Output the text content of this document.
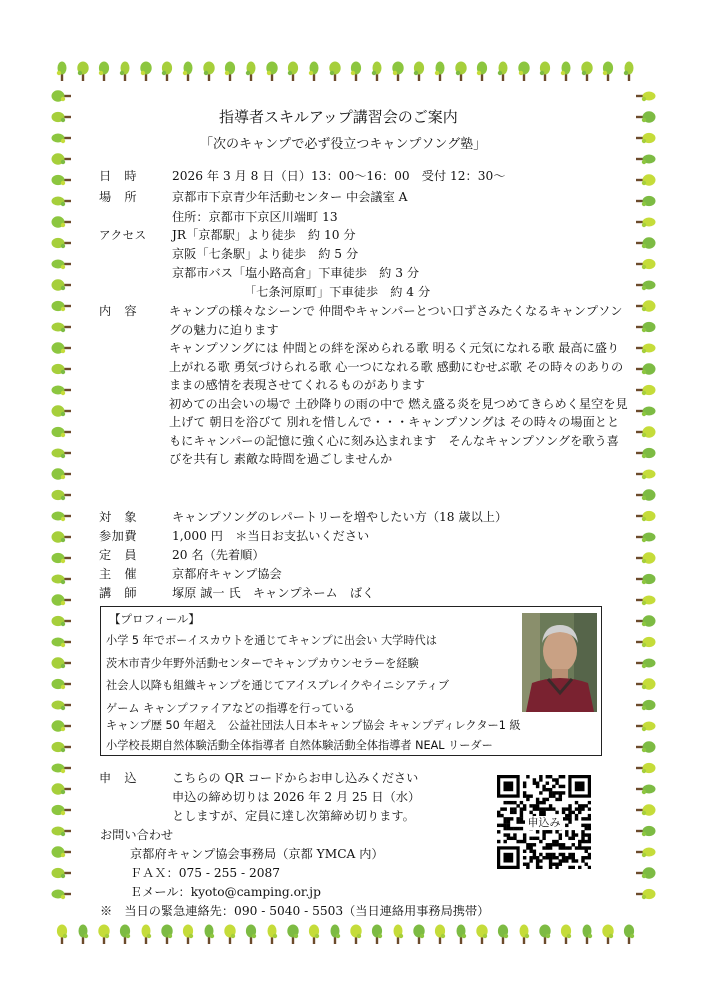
指導者スキルアップ講習会のご案内
「次のキャンプで必ず役立つキャンプソング塾」
日　時	2026 年 3 月 8 日（日）13：00〜16：00　受付 12：30〜
場　所	京都市下京青少年活動センター 中会議室 A
住所：京都市下京区川端町 13
アクセス JR「京都駅」より徒歩　約 10 分
京阪「七条駅」より徒歩　約 5 分
京都市バス「塩小路高倉」下車徒歩　約 3 分
「七条河原町」下車徒歩　約 4 分
内　容	キャンプの様々なシーンで 仲間やキャンパーとつい口ずさみたくなるキャンプソングの魅力に迫ります

キャンプソングには 仲間との絆を深められる歌 明るく元気になれる歌 最高に盛り上がれる歌 勇気づけられる歌 心一つになれる歌 感動にむせぶ歌 その時々のありのままの感情を表現させてくれるものがあります

初めての出会いの場で 土砂降りの雨の中で 燃え盛る炎を見つめてきらめく星空を見上げて 朝日を浴びて 別れを惜しんで・・・キャンプソングは その時々の場面とともにキャンパーの記憶に強く心に刻み込まれます　そんなキャンプソングを歌う喜びを共有し 素敵な時間を過ごしませんか

対　象	キャンプソングのレパートリーを増やしたい方（18 歳以上）
参加費	1,000 円　＊当日お支払いください
定　員	20 名（先着順）
主　催	京都府キャンプ協会
講　師	塚原 誠一 氏　キャンプネーム　ばく
【プロフィール】
小学 5 年でボーイスカウトを通じてキャンプに出会い 大学時代は
茨木市青少年野外活動センターでキャンプカウンセラーを経験
社会人以降も組織キャンプを通じてアイスブレイクやイニシアティブ
ゲーム キャンプファイアなどの指導を行っている
キャンプ歴 50 年超え　公益社団法人日本キャンプ協会 キャンプディレクター1 級
小学校長期自然体験活動全体指導者 自然体験活動全体指導者 NEAL リーダー
申　込	こちらの QR コードからお申し込みください
申込の締め切りは 2026 年 2 月 25 日（水）
としますが、定員に達し次第締め切ります。	申込み
お問い合わせ
京都府キャンプ協会事務局（京都 YMCA 内）
ＦＡＸ：075 - 255 - 2087
Ｅメール：kyoto@camping.or.jp
※　当日の緊急連絡先：090 - 5040 - 5503（当日連絡用事務局携帯）
